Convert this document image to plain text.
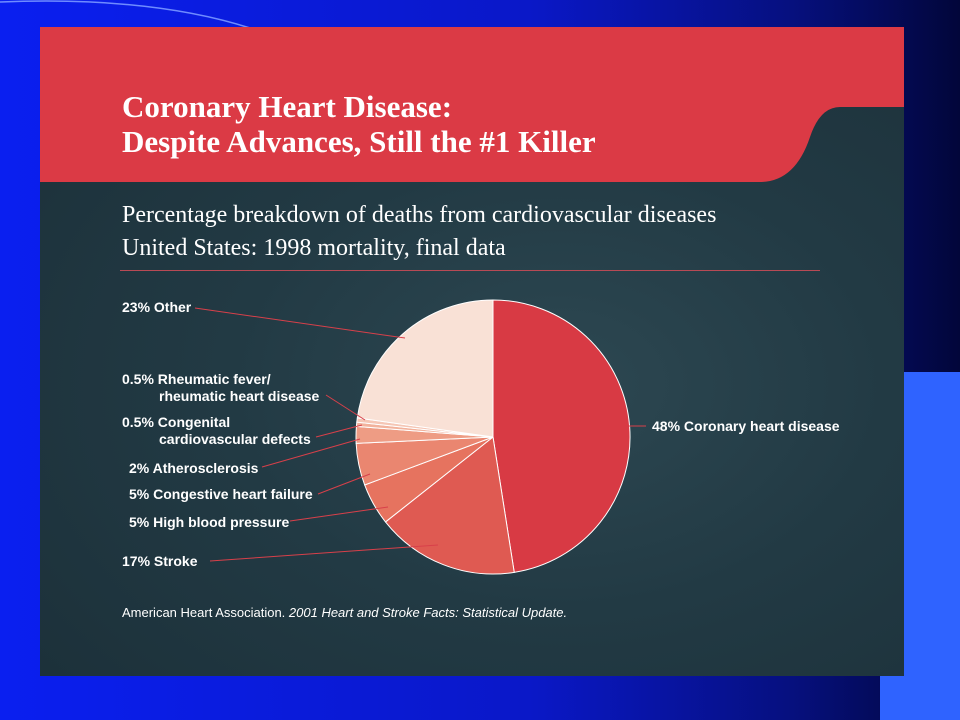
Coronary Heart Disease:
Despite Advances, Still the #1 Killer
Percentage breakdown of deaths from cardiovascular diseases
United States: 1998 mortality, final data
48% Coronary heart disease
17% Stroke
5% High blood pressure
5% Congestive heart failure
2% Atherosclerosis
0.5% Congenital cardiovascular defects
0.5% Rheumatic fever/ rheumatic heart disease
23% Other
American Heart Association. 2001 Heart and Stroke Facts: Statistical Update.
